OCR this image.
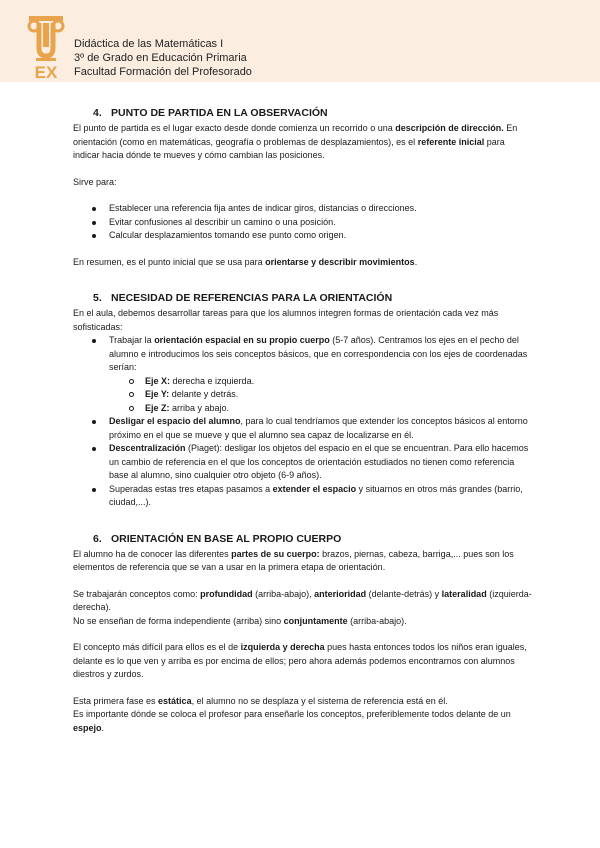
EX
Didáctica de las Matemáticas I
3º de Grado en Educación Primaria
Facultad Formación del Profesorado
4. PUNTO DE PARTIDA EN LA OBSERVACIÓN

El punto de partida es el lugar exacto desde donde comienza un recorrido o una descripción de dirección. En orientación (como en matemáticas, geografía o problemas de desplazamientos), es el referente inicial para indicar hacia dónde te mueves y cómo cambian las posiciones.

Sirve para:

Establecer una referencia fija antes de indicar giros, distancias o direcciones.
Evitar confusiones al describir un camino o una posición.
Calcular desplazamientos tomando ese punto como origen.

En resumen, es el punto inicial que se usa para orientarse y describir movimientos.

5. NECESIDAD DE REFERENCIAS PARA LA ORIENTACIÓN

En el aula, debemos desarrollar tareas para que los alumnos integren formas de orientación cada vez más sofisticadas:

Trabajar la orientación espacial en su propio cuerpo (5-7 años). Centramos los ejes en el pecho del alumno e introducimos los seis conceptos básicos, que en correspondencia con los ejes de coordenadas serían:
Eje X: derecha e izquierda.
Eje Y: delante y detrás.
Eje Z: arriba y abajo.
Desligar el espacio del alumno, para lo cual tendríamos que extender los conceptos básicos al entorno próximo en el que se mueve y que el alumno sea capaz de localizarse en él.
Descentralización (Piaget): desligar los objetos del espacio en el que se encuentran. Para ello hacemos un cambio de referencia en el que los conceptos de orientación estudiados no tienen como referencia base al alumno, sino cualquier otro objeto (6-9 años).
Superadas estas tres etapas pasamos a extender el espacio y situarnos en otros más grandes (barrio, ciudad,...).
6. ORIENTACIÓN EN BASE AL PROPIO CUERPO

El alumno ha de conocer las diferentes partes de su cuerpo: brazos, piernas, cabeza, barriga,... pues son los elementos de referencia que se van a usar en la primera etapa de orientación.

Se trabajarán conceptos como: profundidad (arriba-abajo), anterioridad (delante-detrás) y lateralidad (izquierda-derecha).

No se enseñan de forma independiente (arriba) sino conjuntamente (arriba-abajo).

El concepto más difícil para ellos es el de izquierda y derecha pues hasta entonces todos los niños eran iguales, delante es lo que ven y arriba es por encima de ellos; pero ahora además podemos encontrarnos con alumnos diestros y zurdos.

Esta primera fase es estática, el alumno no se desplaza y el sistema de referencia está en él.

Es importante dónde se coloca el profesor para enseñarle los conceptos, preferiblemente todos delante de un espejo.
